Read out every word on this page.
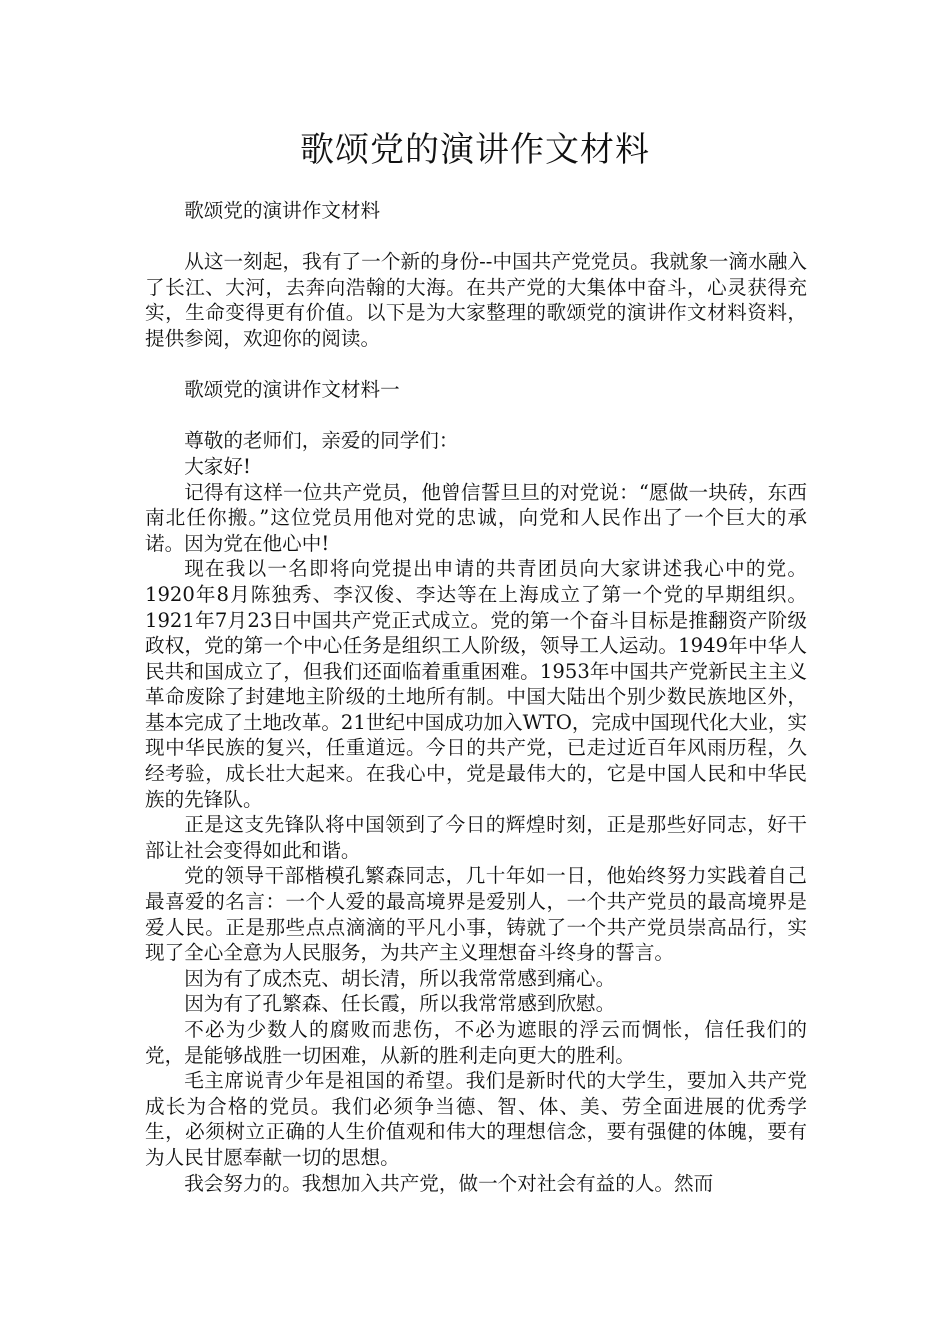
歌颂党的演讲作文材料

歌颂党的演讲作文材料

从这一刻起，我有了一个新的身份--中国共产党党员。我就象一滴水融入了长江、大河，去奔向浩翰的大海。在共产党的大集体中奋斗，心灵获得充实，生命变得更有价值。以下是为大家整理的歌颂党的演讲作文材料资料，提供参阅，欢迎你的阅读。

歌颂党的演讲作文材料一

尊敬的老师们，亲爱的同学们：

大家好!

记得有这样一位共产党员，他曾信誓旦旦的对党说：“愿做一块砖，东西南北任你搬。”这位党员用他对党的忠诚，向党和人民作出了一个巨大的承诺。因为党在他心中!

现在我以一名即将向党提出申请的共青团员向大家讲述我心中的党。1920年8月陈独秀、李汉俊、李达等在上海成立了第一个党的早期组织。1921年7月23日中国共产党正式成立。党的第一个奋斗目标是推翻资产阶级政权，党的第一个中心任务是组织工人阶级，领导工人运动。1949年中华人民共和国成立了，但我们还面临着重重困难。1953年中国共产党新民主主义革命废除了封建地主阶级的土地所有制。中国大陆出个别少数民族地区外，基本完成了土地改革。21世纪中国成功加入WTO，完成中国现代化大业，实现中华民族的复兴，任重道远。今日的共产党，已走过近百年风雨历程，久经考验，成长壮大起来。在我心中，党是最伟大的，它是中国人民和中华民族的先锋队。

正是这支先锋队将中国领到了今日的辉煌时刻，正是那些好同志，好干部让社会变得如此和谐。

党的领导干部楷模孔繁森同志，几十年如一日，他始终努力实践着自己最喜爱的名言：一个人爱的最高境界是爱别人，一个共产党员的最高境界是爱人民。正是那些点点滴滴的平凡小事，铸就了一个共产党员崇高品行，实现了全心全意为人民服务，为共产主义理想奋斗终身的誓言。

因为有了成杰克、胡长清，所以我常常感到痛心。

因为有了孔繁森、任长霞，所以我常常感到欣慰。

不必为少数人的腐败而悲伤，不必为遮眼的浮云而惆怅，信任我们的党，是能够战胜一切困难，从新的胜利走向更大的胜利。

毛主席说青少年是祖国的希望。我们是新时代的大学生，要加入共产党成长为合格的党员。我们必须争当德、智、体、美、劳全面进展的优秀学生，必须树立正确的人生价值观和伟大的理想信念，要有强健的体魄，要有为人民甘愿奉献一切的思想。

我会努力的。我想加入共产党，做一个对社会有益的人。然而
